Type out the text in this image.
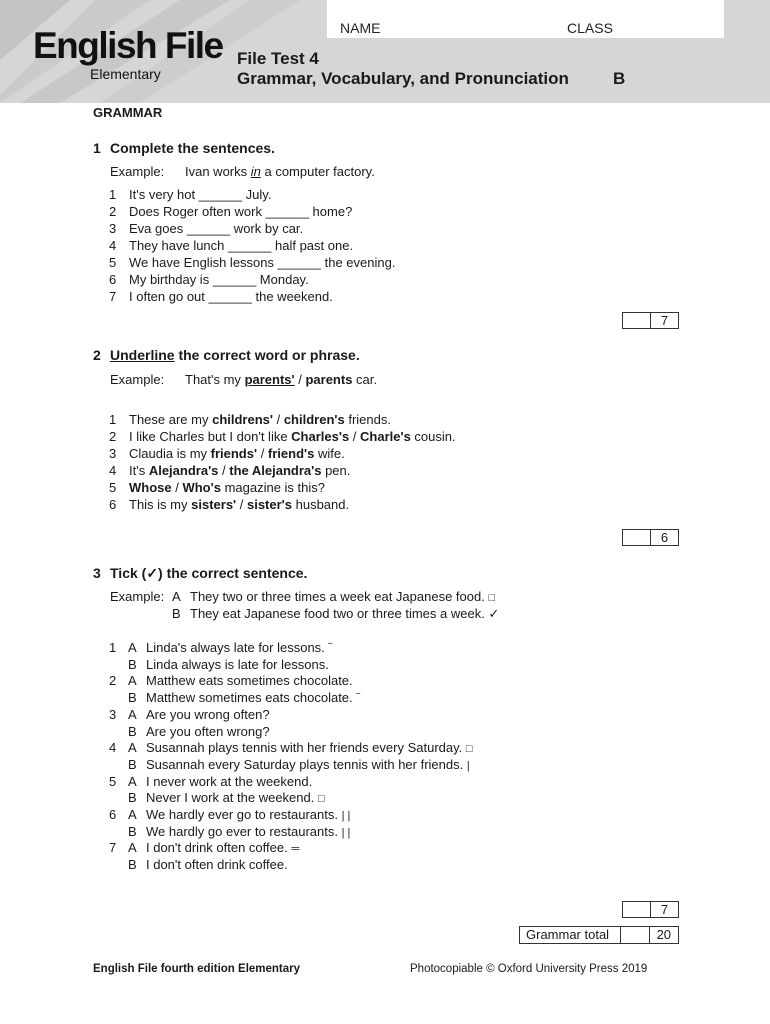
English File
Elementary
NAME	CLASS
File Test 4
Grammar, Vocabulary, and Pronunciation	B
GRAMMAR
1 Complete the sentences.
Example: Ivan works in a computer factory.
1 It's very hot ______ July.
2 Does Roger often work ______ home?
3 Eva goes ______ work by car.
4 They have lunch ______ half past one.
5 We have English lessons ______ the evening.
6 My birthday is ______ Monday.
7 I often go out ______ the weekend.
7
2 Underline the correct word or phrase.
Example: That's my parents' / parents car.
1 These are my childrens' / children's friends.
2 I like Charles but I don't like Charles's / Charle's cousin.
3 Claudia is my friends' / friend's wife.
4 It's Alejandra's / the Alejandra's pen.
5 Whose / Who's magazine is this?
6 This is my sisters' / sister's husband.
6
3 Tick (✓) the correct sentence.
Example: A They two or three times a week eat Japanese food. □
B They eat Japanese food two or three times a week. ✓
1 A Linda's always late for lessons. ‾
B Linda always is late for lessons.
2 A Matthew eats sometimes chocolate.
B Matthew sometimes eats chocolate. ‾
3 A Are you wrong often?
B Are you often wrong?
4 A Susannah plays tennis with her friends every Saturday. □
B Susannah every Saturday plays tennis with her friends. |
5 A I never work at the weekend.
B Never I work at the weekend. □
6 A We hardly ever go to restaurants. | |
B We hardly go ever to restaurants. | |
7 A I don't drink often coffee. ═
B I don't often drink coffee.
7
Grammar total	20
English File fourth edition Elementary	Photocopiable © Oxford University Press 2019
